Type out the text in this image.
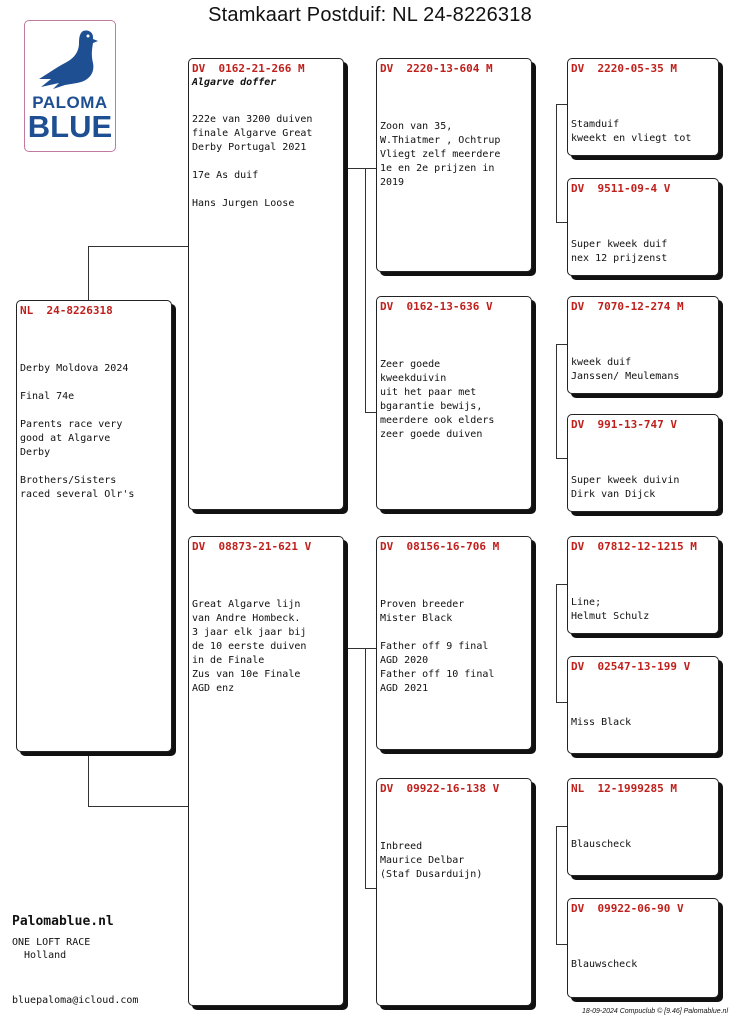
Stamkaart Postduif: NL 24-8226318
PALOMA
BLUE
NL  24-8226318
Derby Moldova 2024

Final 74e

Parents race very
good at Algarve
Derby

Brothers/Sisters
raced several Olr's
DV  0162-21-266 M
Algarve doffer
222e van 3200 duiven
finale Algarve Great
Derby Portugal 2021

17e As duif

Hans Jurgen Loose
DV  08873-21-621 V
Great Algarve lijn
van Andre Hombeck.
3 jaar elk jaar bij
de 10 eerste duiven
in de Finale
Zus van 10e Finale
AGD enz
DV  2220-13-604 M
Zoon van 35,
W.Thiatmer , Ochtrup
Vliegt zelf meerdere
1e en 2e prijzen in
2019
DV  0162-13-636 V
Zeer goede
kweekduivin
uit het paar met
bgarantie bewijs,
meerdere ook elders
zeer goede duiven
DV  08156-16-706 M
Proven breeder
Mister Black

Father off 9 final
AGD 2020
Father off 10 final
AGD 2021
DV  09922-16-138 V
Inbreed
Maurice Delbar
(Staf Dusarduijn)
DV  2220-05-35 M
Stamduif
kweekt en vliegt tot
DV  9511-09-4 V
Super kweek duif
nex 12 prijzenst
DV  7070-12-274 M
kweek duif
Janssen/ Meulemans
DV  991-13-747 V
Super kweek duivin
Dirk van Dijck
DV  07812-12-1215 M
Line;
Helmut Schulz
DV  02547-13-199 V
Miss Black
NL  12-1999285 M
Blauscheck
DV  09922-06-90 V
Blauwscheck
Palomablue.nl
ONE LOFT RACE
Holland
bluepaloma@icloud.com
18-09-2024 Compuclub © [9.46] Palomablue.nl
